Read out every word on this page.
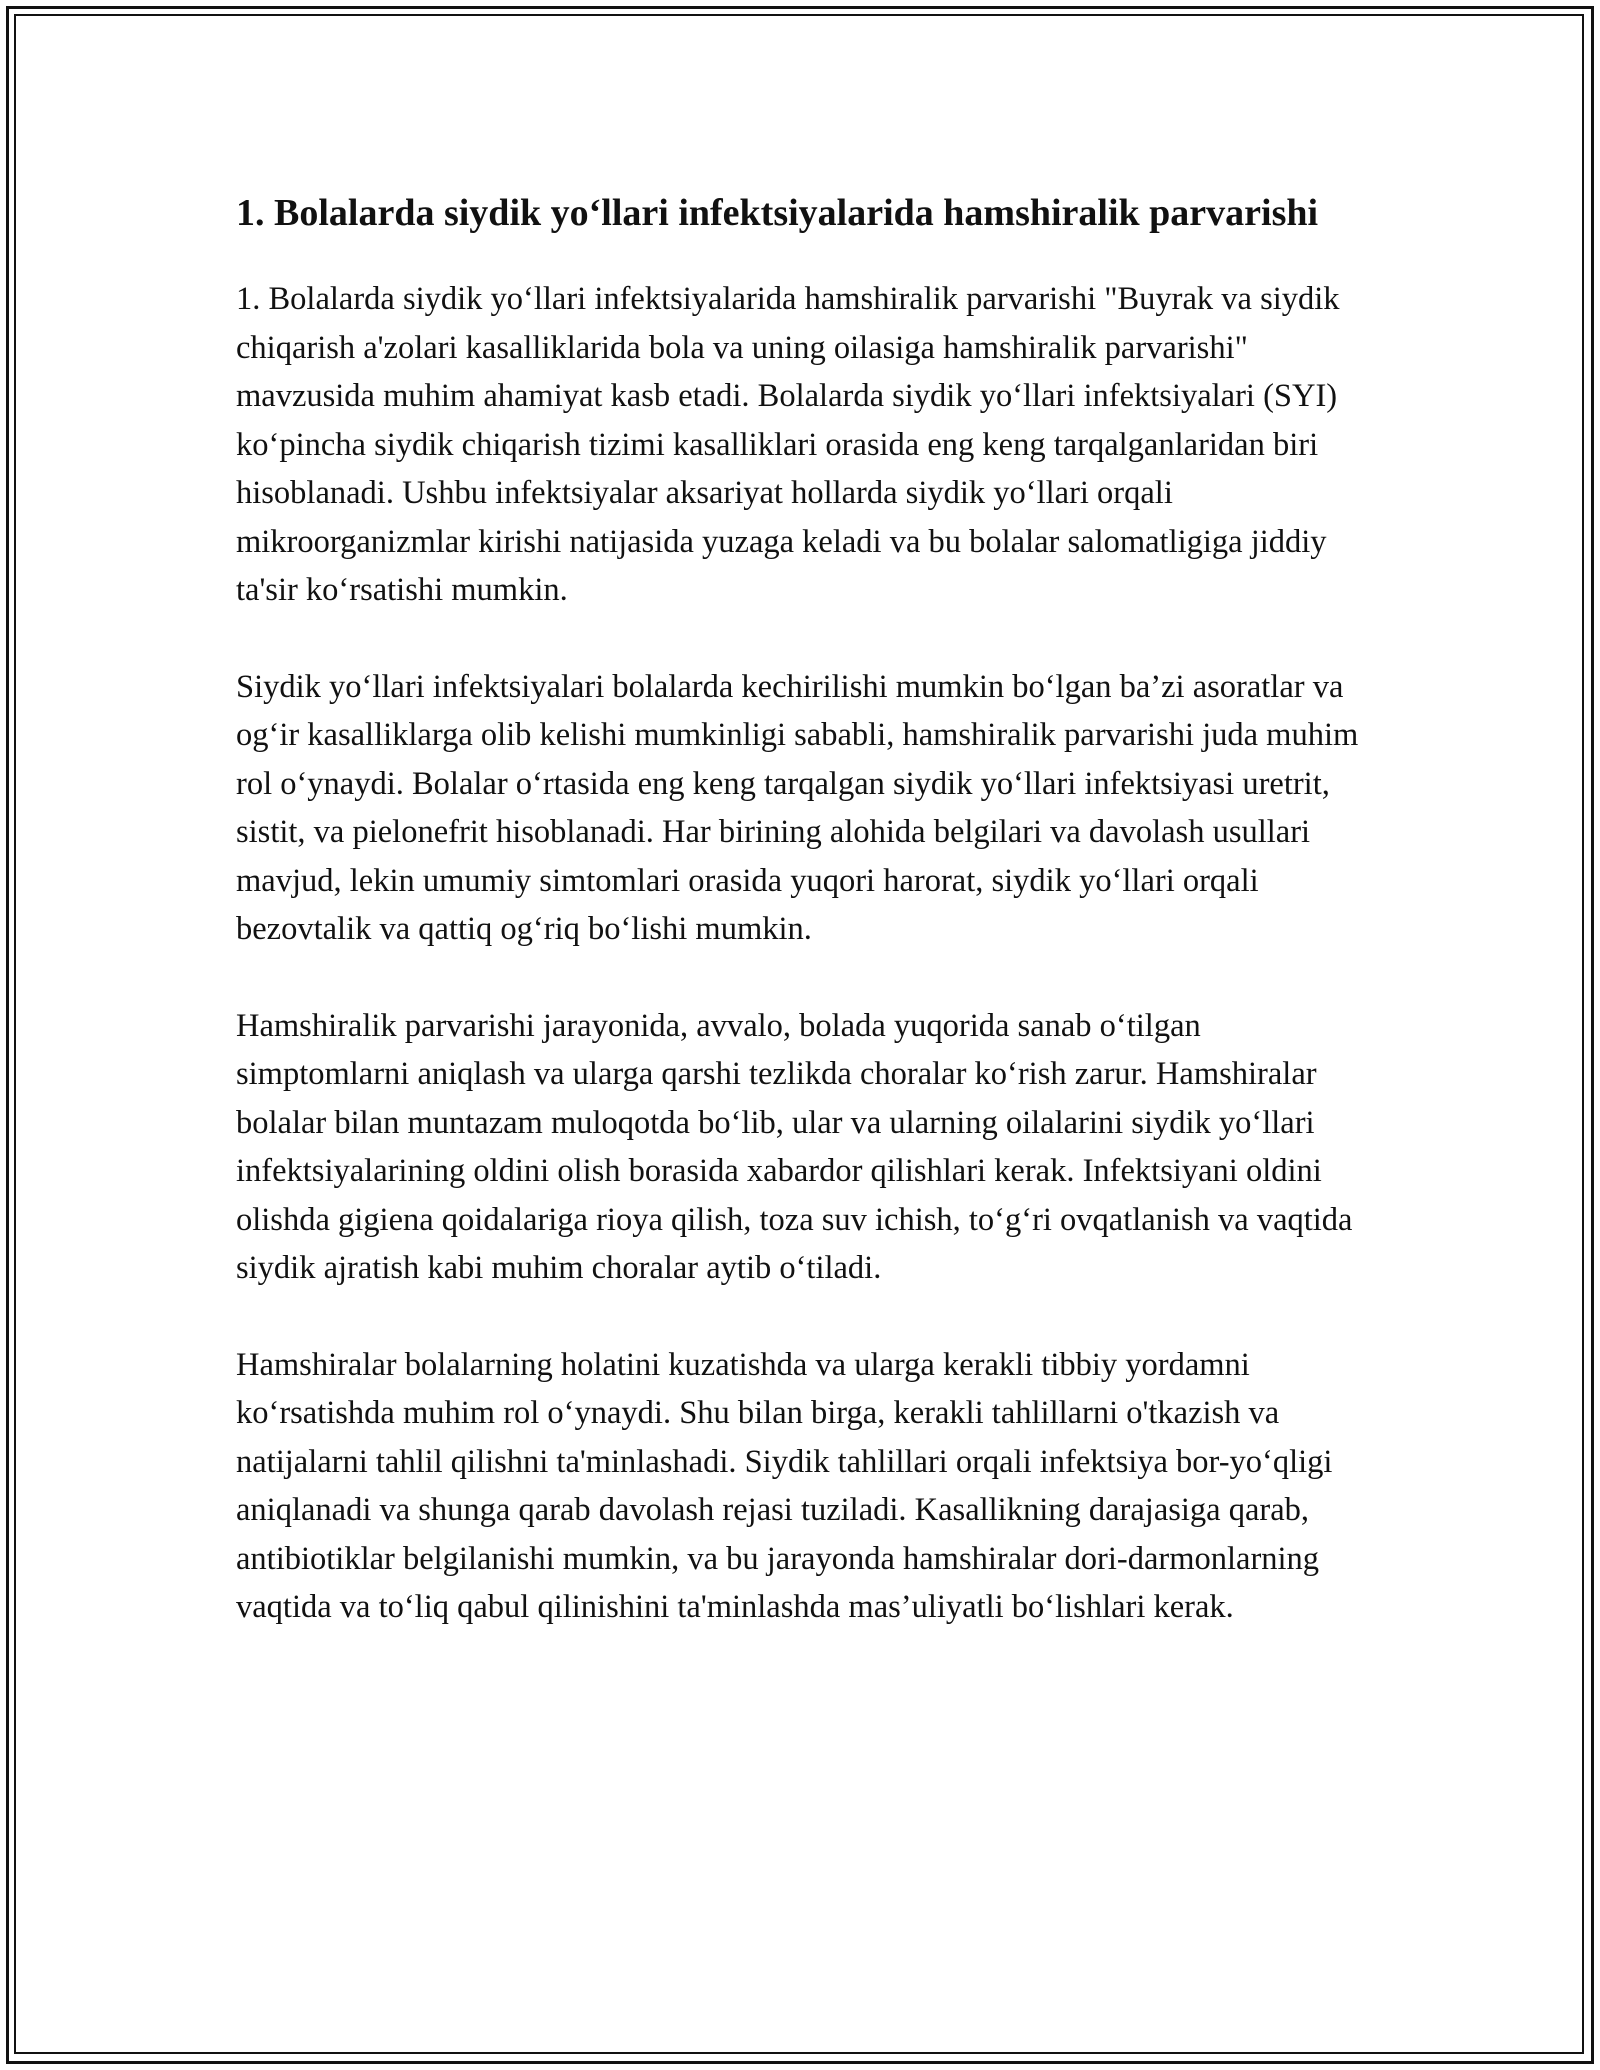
1. Bolalarda siydik yo‘llari infektsiyalarida hamshiralik parvarishi

1. Bolalarda siydik yo‘llari infektsiyalarida hamshiralik parvarishi "Buyrak va siydik chiqarish a'zolari kasalliklarida bola va uning oilasiga hamshiralik parvarishi" mavzusida muhim ahamiyat kasb etadi. Bolalarda siydik yo‘llari infektsiyalari (SYI) ko‘pincha siydik chiqarish tizimi kasalliklari orasida eng keng tarqalganlaridan biri hisoblanadi. Ushbu infektsiyalar aksariyat hollarda siydik yo‘llari orqali mikroorganizmlar kirishi natijasida yuzaga keladi va bu bolalar salomatligiga jiddiy ta'sir ko‘rsatishi mumkin.

Siydik yo‘llari infektsiyalari bolalarda kechirilishi mumkin bo‘lgan ba’zi asoratlar va og‘ir kasalliklarga olib kelishi mumkinligi sababli, hamshiralik parvarishi juda muhim rol o‘ynaydi. Bolalar o‘rtasida eng keng tarqalgan siydik yo‘llari infektsiyasi uretrit, sistit, va pielonefrit hisoblanadi. Har birining alohida belgilari va davolash usullari mavjud, lekin umumiy simtomlari orasida yuqori harorat, siydik yo‘llari orqali bezovtalik va qattiq og‘riq bo‘lishi mumkin.

Hamshiralik parvarishi jarayonida, avvalo, bolada yuqorida sanab o‘tilgan simptomlarni aniqlash va ularga qarshi tezlikda choralar ko‘rish zarur. Hamshiralar bolalar bilan muntazam muloqotda bo‘lib, ular va ularning oilalarini siydik yo‘llari infektsiyalarining oldini olish borasida xabardor qilishlari kerak. Infektsiyani oldini olishda gigiena qoidalariga rioya qilish, toza suv ichish, to‘g‘ri ovqatlanish va vaqtida siydik ajratish kabi muhim choralar aytib o‘tiladi.

Hamshiralar bolalarning holatini kuzatishda va ularga kerakli tibbiy yordamni ko‘rsatishda muhim rol o‘ynaydi. Shu bilan birga, kerakli tahlillarni o'tkazish va natijalarni tahlil qilishni ta'minlashadi. Siydik tahlillari orqali infektsiya bor-yo‘qligi aniqlanadi va shunga qarab davolash rejasi tuziladi. Kasallikning darajasiga qarab, antibiotiklar belgilanishi mumkin, va bu jarayonda hamshiralar dori-darmonlarning vaqtida va to‘liq qabul qilinishini ta'minlashda mas’uliyatli bo‘lishlari kerak.
